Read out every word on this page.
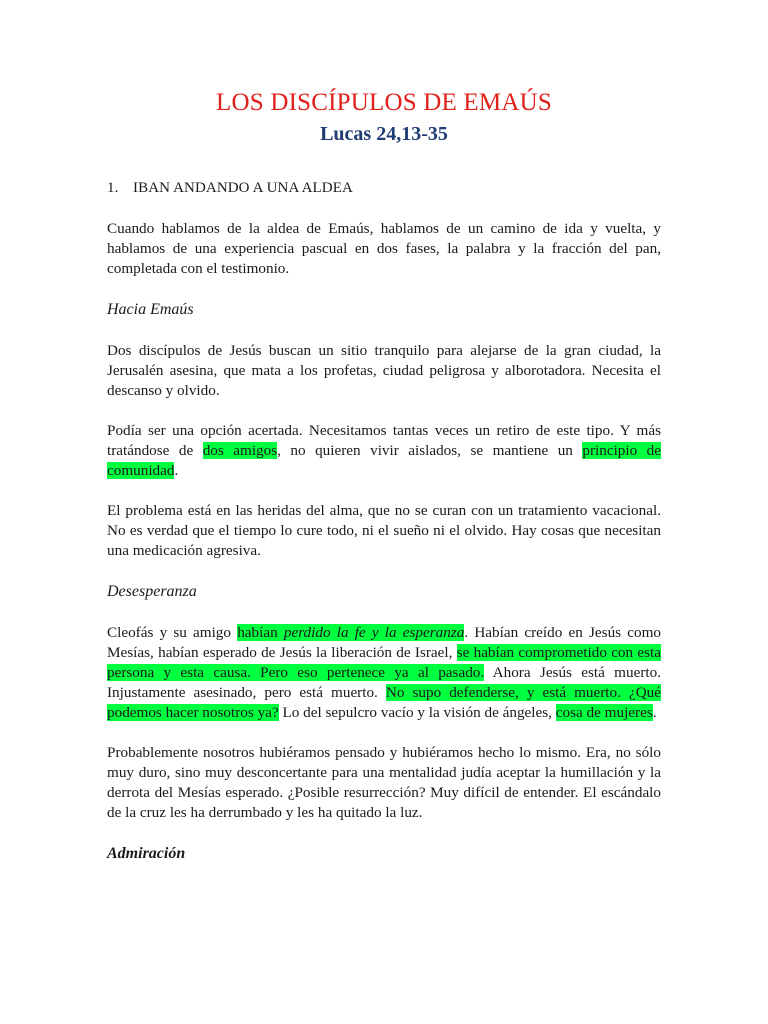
LOS DISCÍPULOS DE EMAÚS
Lucas 24,13-35
1. IBAN ANDANDO A UNA ALDEA

Cuando hablamos de la aldea de Emaús, hablamos de un camino de ida y vuelta, y hablamos de una experiencia pascual en dos fases, la palabra y la fracción del pan, completada con el testimonio.

Hacia Emaús

Dos discípulos de Jesús buscan un sitio tranquilo para alejarse de la gran ciudad, la Jerusalén asesina, que mata a los profetas, ciudad peligrosa y alborotadora. Necesita el descanso y olvido.

Podía ser una opción acertada. Necesitamos tantas veces un retiro de este tipo. Y más tratándose de dos amigos, no quieren vivir aislados, se mantiene un principio de comunidad.

El problema está en las heridas del alma, que no se curan con un tratamiento vacacional. No es verdad que el tiempo lo cure todo, ni el sueño ni el olvido. Hay cosas que necesitan una medicación agresiva.

Desesperanza

Cleofás y su amigo habían perdido la fe y la esperanza. Habían creído en Jesús como Mesías, habían esperado de Jesús la liberación de Israel, se habían comprometido con esta persona y esta causa. Pero eso pertenece ya al pasado. Ahora Jesús está muerto. Injustamente asesinado, pero está muerto. No supo defenderse, y está muerto. ¿Qué podemos hacer nosotros ya? Lo del sepulcro vacío y la visión de ángeles, cosa de mujeres.

Probablemente nosotros hubiéramos pensado y hubiéramos hecho lo mismo. Era, no sólo muy duro, sino muy desconcertante para una mentalidad judía aceptar la humillación y la derrota del Mesías esperado. ¿Posible resurrección? Muy difícil de entender. El escándalo de la cruz les ha derrumbado y les ha quitado la luz.

Admiración
